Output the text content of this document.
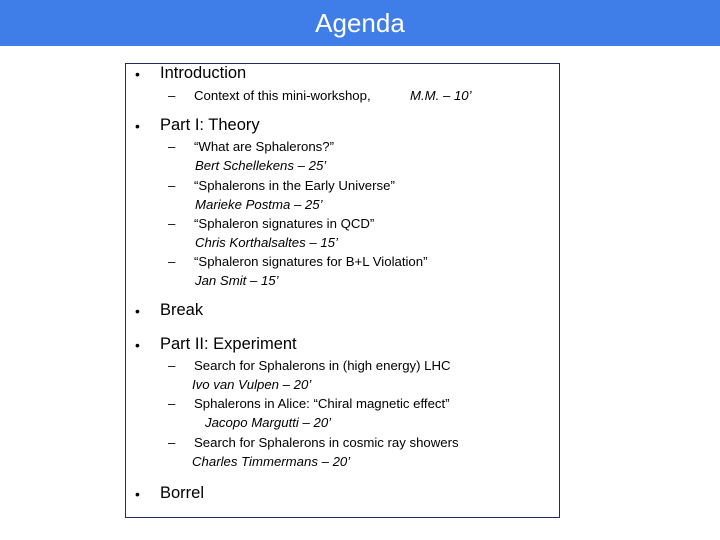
Agenda
• Introduction
– Context of this mini-workshop,	M.M. – 10’
• Part I: Theory
– “What are Sphalerons?”
Bert Schellekens – 25’
– “Sphalerons in the Early Universe”
Marieke Postma – 25’
– “Sphaleron signatures in QCD”
Chris Korthalsaltes – 15’
– “Sphaleron signatures for B+L Violation”
Jan Smit – 15’
• Break
• Part II: Experiment
– Search for Sphalerons in (high energy) LHC
Ivo van Vulpen – 20’
– Sphalerons in Alice: “Chiral magnetic effect”
Jacopo Margutti – 20’
– Search for Sphalerons in cosmic ray showers
Charles Timmermans – 20’
• Borrel
